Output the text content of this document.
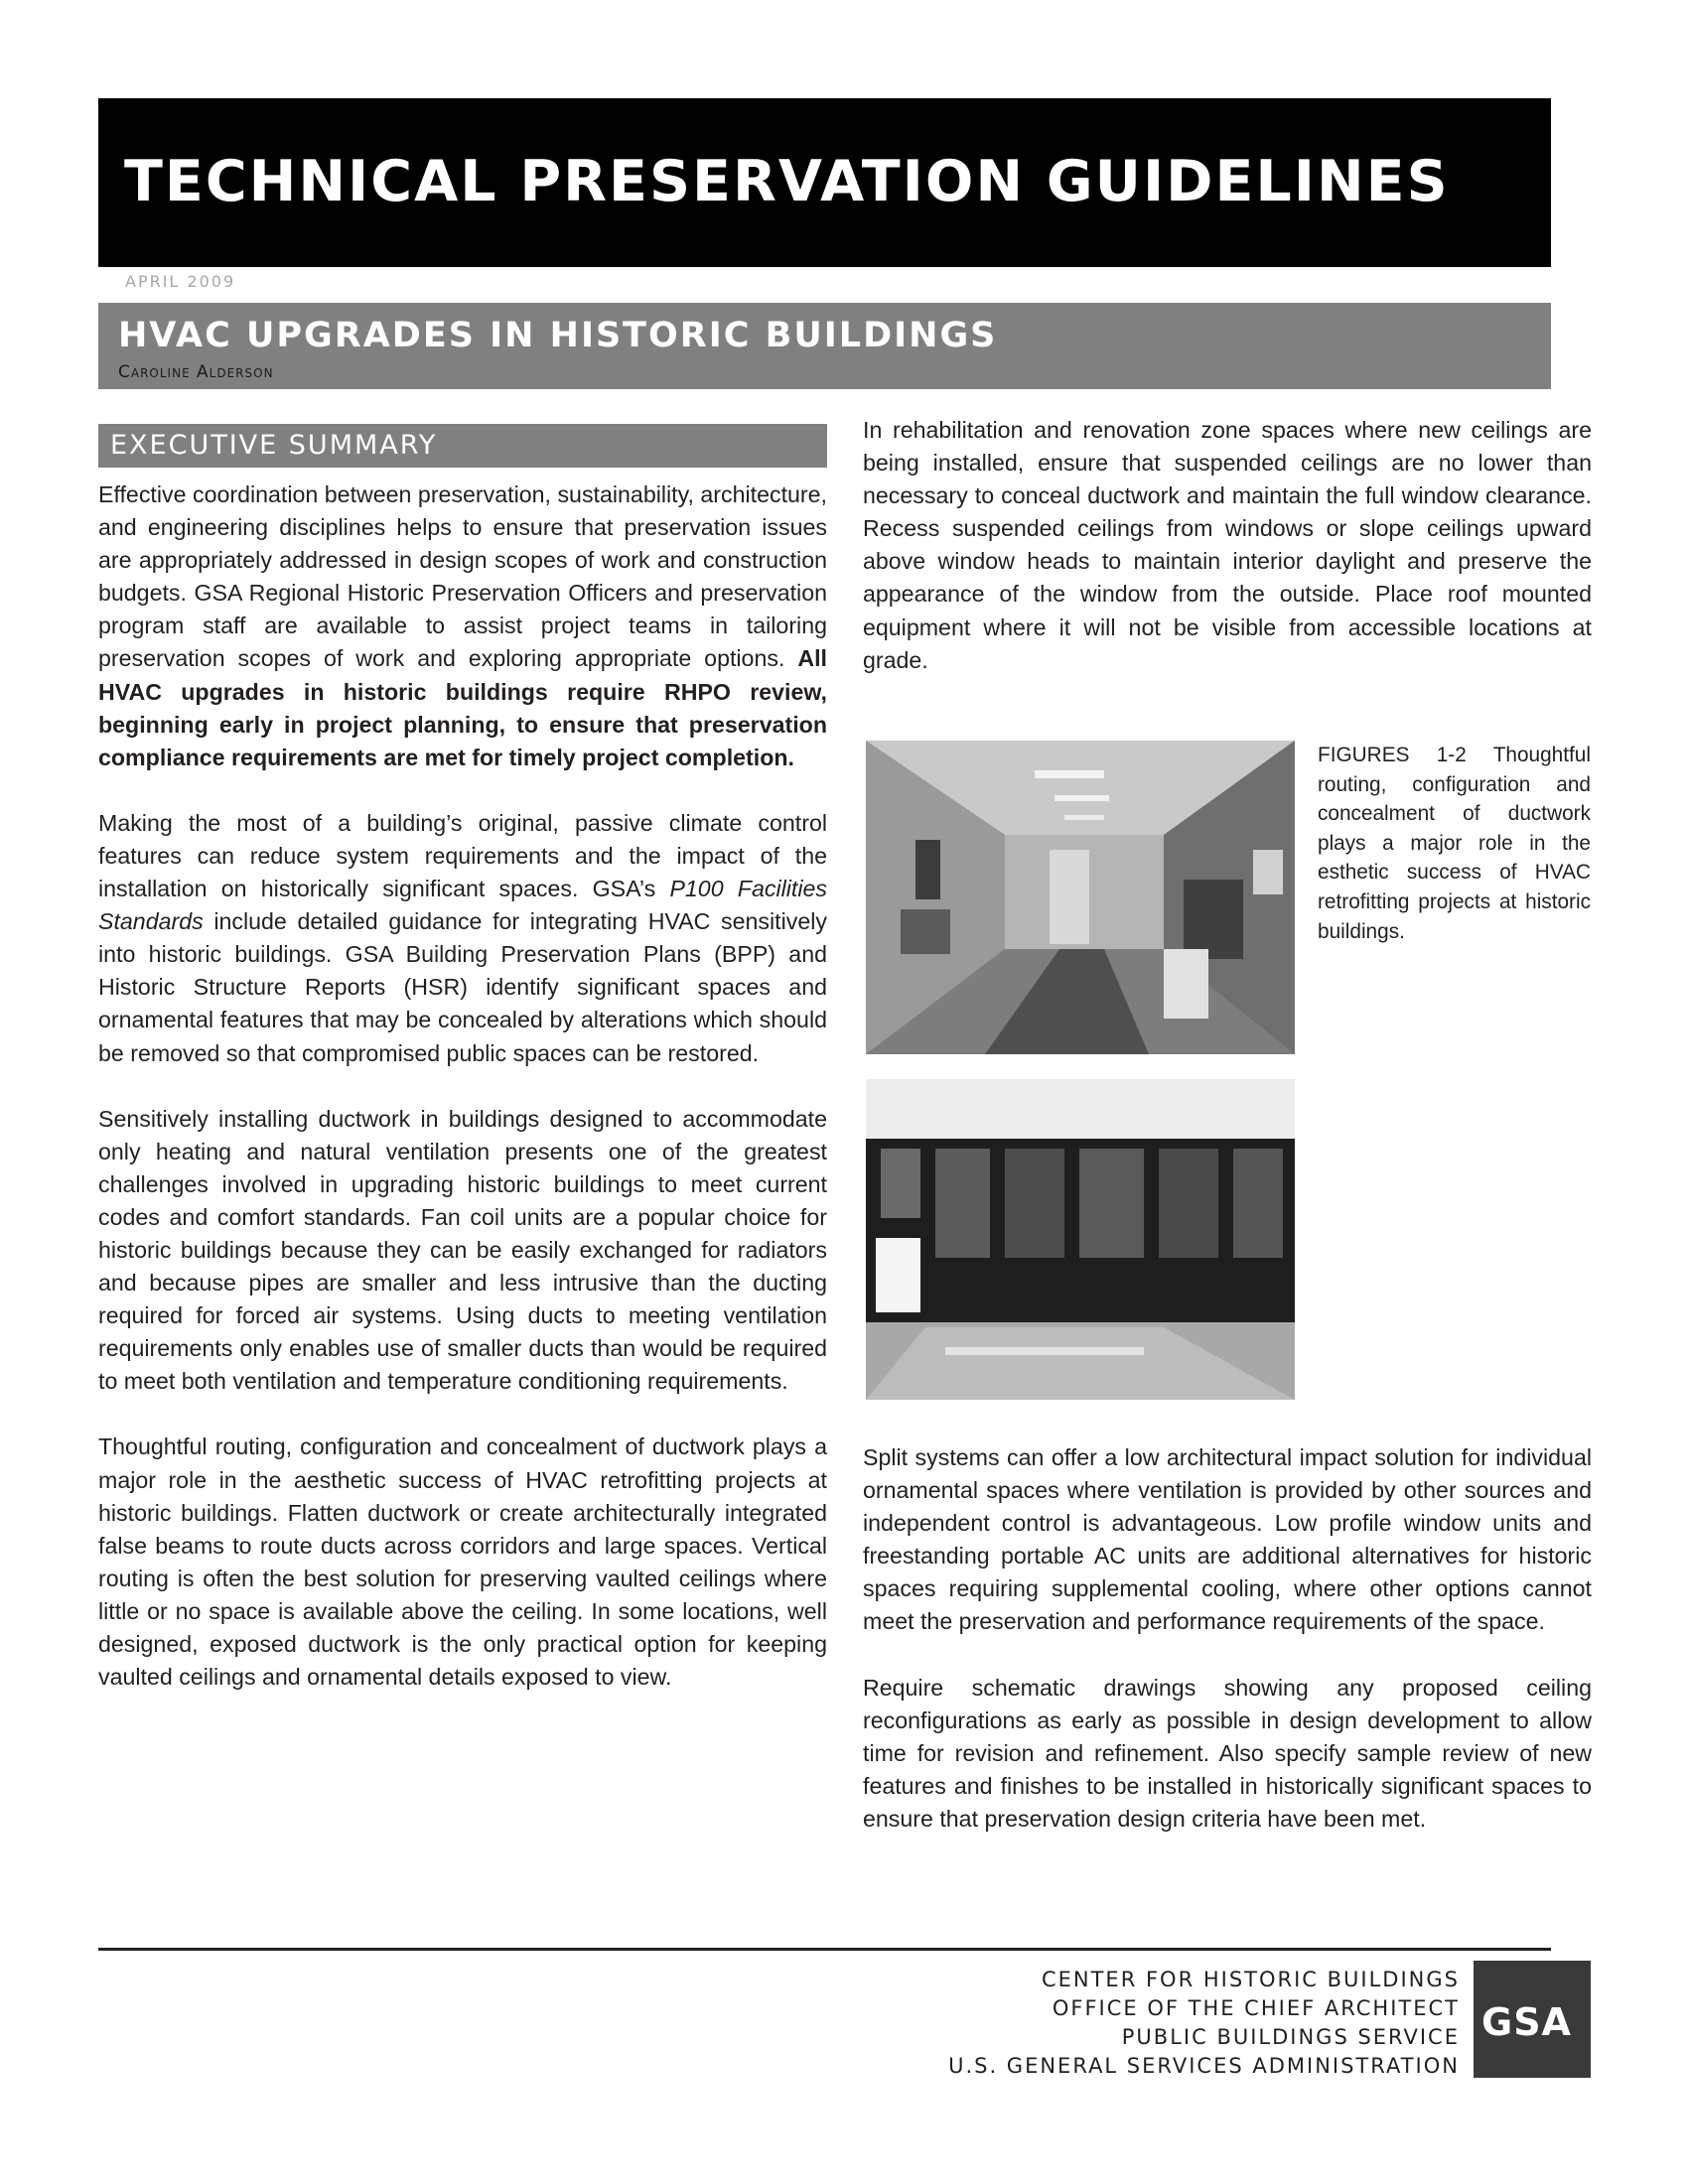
TECHNICAL PRESERVATION GUIDELINES
APRIL 2009
HVAC UPGRADES IN HISTORIC BUILDINGS
Caroline Alderson
EXECUTIVE SUMMARY

Effective coordination between preservation, sustainability, architecture, and engineering disciplines helps to ensure that preservation issues are appropriately addressed in design scopes of work and construction budgets. GSA Regional Historic Preservation Officers and preservation program staff are available to assist project teams in tailoring preservation scopes of work and exploring appropriate options. All HVAC upgrades in historic buildings require RHPO review, beginning early in project planning, to ensure that preservation compliance requirements are met for timely project completion.

Making the most of a building’s original, passive climate control features can reduce system requirements and the impact of the installation on historically significant spaces. GSA’s P100 Facilities Standards include detailed guidance for integrating HVAC sensitively into historic buildings. GSA Building Preservation Plans (BPP) and Historic Structure Reports (HSR) identify significant spaces and ornamental features that may be concealed by alterations which should be removed so that compromised public spaces can be restored.

Sensitively installing ductwork in buildings designed to accommodate only heating and natural ventilation presents one of the greatest challenges involved in upgrading historic buildings to meet current codes and comfort standards. Fan coil units are a popular choice for historic buildings because they can be easily exchanged for radiators and because pipes are smaller and less intrusive than the ducting required for forced air systems. Using ducts to meeting ventilation requirements only enables use of smaller ducts than would be required to meet both ventilation and temperature conditioning requirements.

Thoughtful routing, configuration and concealment of ductwork plays a major role in the aesthetic success of HVAC retrofitting projects at historic buildings. Flatten ductwork or create architecturally integrated false beams to route ducts across corridors and large spaces. Vertical routing is often the best solution for preserving vaulted ceilings where little or no space is available above the ceiling. In some locations, well designed, exposed ductwork is the only practical option for keeping vaulted ceilings and ornamental details exposed to view.

In rehabilitation and renovation zone spaces where new ceilings are being installed, ensure that suspended ceilings are no lower than necessary to conceal ductwork and maintain the full window clearance. Recess suspended ceilings from windows or slope ceilings upward above window heads to maintain interior daylight and preserve the appearance of the window from the outside. Place roof mounted equipment where it will not be visible from accessible locations at grade.

FIGURES 1-2 Thoughtful routing, configuration and concealment of ductwork plays a major role in the esthetic success of HVAC retrofitting projects at historic buildings.

Split systems can offer a low architectural impact solution for individual ornamental spaces where ventilation is provided by other sources and independent control is advantageous. Low profile window units and freestanding portable AC units are additional alternatives for historic spaces requiring supplemental cooling, where other options cannot meet the preservation and performance requirements of the space.

Require schematic drawings showing any proposed ceiling reconfigurations as early as possible in design development to allow time for revision and refinement. Also specify sample review of new features and finishes to be installed in historically significant spaces to ensure that preservation design criteria have been met.

CENTER FOR HISTORIC BUILDINGS
OFFICE OF THE CHIEF ARCHITECT
PUBLIC BUILDINGS SERVICE
U.S. GENERAL SERVICES ADMINISTRATION
GSA
